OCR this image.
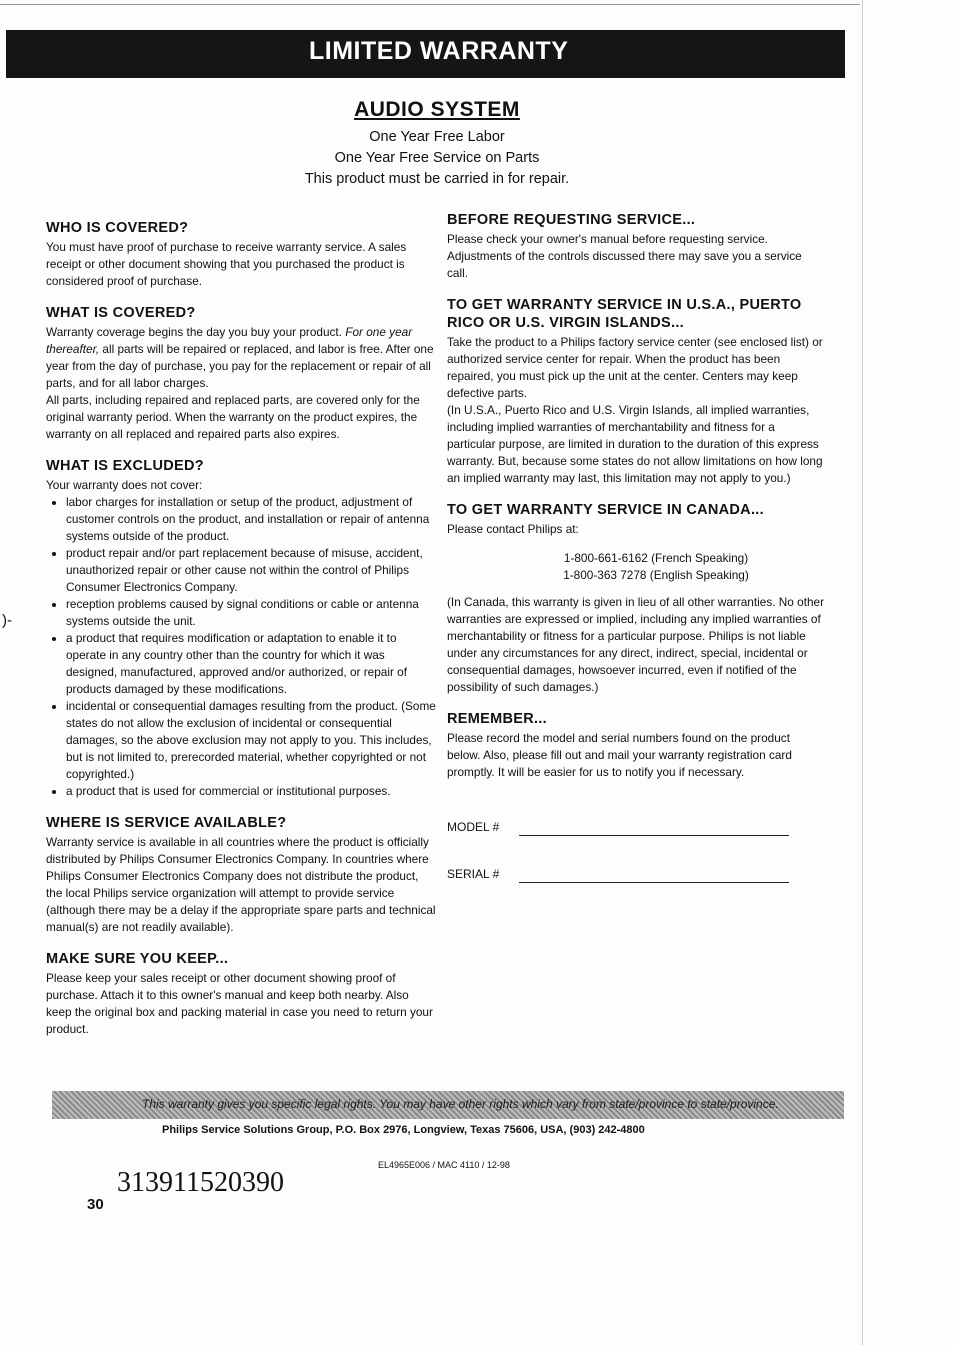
)-
LIMITED WARRANTY
AUDIO SYSTEM
One Year Free Labor
One Year Free Service on Parts
This product must be carried in for repair.
WHO IS COVERED?

You must have proof of purchase to receive warranty service. A sales receipt or other document showing that you purchased the product is considered proof of purchase.

WHAT IS COVERED?

Warranty coverage begins the day you buy your product. For one year thereafter, all parts will be repaired or replaced, and labor is free. After one year from the day of purchase, you pay for the replacement or repair of all parts, and for all labor charges.

All parts, including repaired and replaced parts, are covered only for the original warranty period. When the warranty on the product expires, the warranty on all replaced and repaired parts also expires.

WHAT IS EXCLUDED?

Your warranty does not cover:

• labor charges for installation or setup of the product, adjustment of customer controls on the product, and installation or repair of antenna systems outside of the product.
• product repair and/or part replacement because of misuse, accident, unauthorized repair or other cause not within the control of Philips Consumer Electronics Company.
• reception problems caused by signal conditions or cable or antenna systems outside the unit.
• a product that requires modification or adaptation to enable it to operate in any country other than the country for which it was designed, manufactured, approved and/or authorized, or repair of products damaged by these modifications.
• incidental or consequential damages resulting from the product. (Some states do not allow the exclusion of incidental or consequential damages, so the above exclusion may not apply to you. This includes, but is not limited to, prerecorded material, whether copyrighted or not copyrighted.)
• a product that is used for commercial or institutional purposes.
WHERE IS SERVICE AVAILABLE?

Warranty service is available in all countries where the product is officially distributed by Philips Consumer Electronics Company. In countries where Philips Consumer Electronics Company does not distribute the product, the local Philips service organization will attempt to provide service (although there may be a delay if the appropriate spare parts and technical manual(s) are not readily available).

MAKE SURE YOU KEEP...

Please keep your sales receipt or other document showing proof of purchase. Attach it to this owner's manual and keep both nearby. Also keep the original box and packing material in case you need to return your product.

BEFORE REQUESTING SERVICE...

Please check your owner's manual before requesting service. Adjustments of the controls discussed there may save you a service call.

TO GET WARRANTY SERVICE IN U.S.A., PUERTO RICO OR U.S. VIRGIN ISLANDS...

Take the product to a Philips factory service center (see enclosed list) or authorized service center for repair. When the product has been repaired, you must pick up the unit at the center. Centers may keep defective parts.

(In U.S.A., Puerto Rico and U.S. Virgin Islands, all implied warranties, including implied warranties of merchantability and fitness for a particular purpose, are limited in duration to the duration of this express warranty. But, because some states do not allow limitations on how long an implied warranty may last, this limitation may not apply to you.)

TO GET WARRANTY SERVICE IN CANADA...

Please contact Philips at:

1-800-661-6162 (French Speaking)
1-800-363 7278 (English Speaking)

(In Canada, this warranty is given in lieu of all other warranties. No other warranties are expressed or implied, including any implied warranties of merchantability or fitness for a particular purpose. Philips is not liable under any circumstances for any direct, indirect, special, incidental or consequential damages, howsoever incurred, even if notified of the possibility of such damages.)

REMEMBER...

Please record the model and serial numbers found on the product below. Also, please fill out and mail your warranty registration card promptly. It will be easier for us to notify you if necessary.

MODEL #
SERIAL #
This warranty gives you specific legal rights. You may have other rights which vary from state/province to state/province.
Philips Service Solutions Group, P.O. Box 2976, Longview, Texas 75606, USA, (903) 242-4800
EL4965E006 / MAC 4110 / 12-98
313911520390
30
